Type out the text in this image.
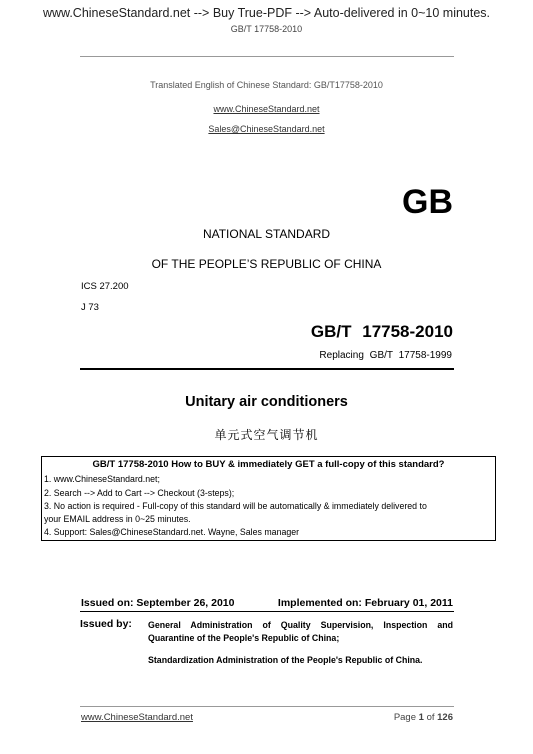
www.ChineseStandard.net --> Buy True-PDF --> Auto-delivered in 0~10 minutes.
GB/T 17758-2010
Translated English of Chinese Standard: GB/T17758-2010
www.ChineseStandard.net
Sales@ChineseStandard.net
GB
NATIONAL STANDARD
OF THE PEOPLE’S REPUBLIC OF CHINA
ICS 27.200
J 73
GB/T 17758-2010
Replacing GB/T 17758-1999
Unitary air conditioners
单元式空气调节机
GB/T 17758-2010 How to BUY & immediately GET a full-copy of this standard?
1. www.ChineseStandard.net;
2. Search --> Add to Cart --> Checkout (3-steps);
3. No action is required - Full-copy of this standard will be automatically & immediately delivered to
your EMAIL address in 0~25 minutes.
4. Support: Sales@ChineseStandard.net. Wayne, Sales manager
Issued on: September 26, 2010	Implemented on: February 01, 2011
Issued by: General Administration of Quality Supervision, Inspection and
Quarantine of the People's Republic of China;
Standardization Administration of the People's Republic of China.
www.ChineseStandard.net	Page 1 of 126
